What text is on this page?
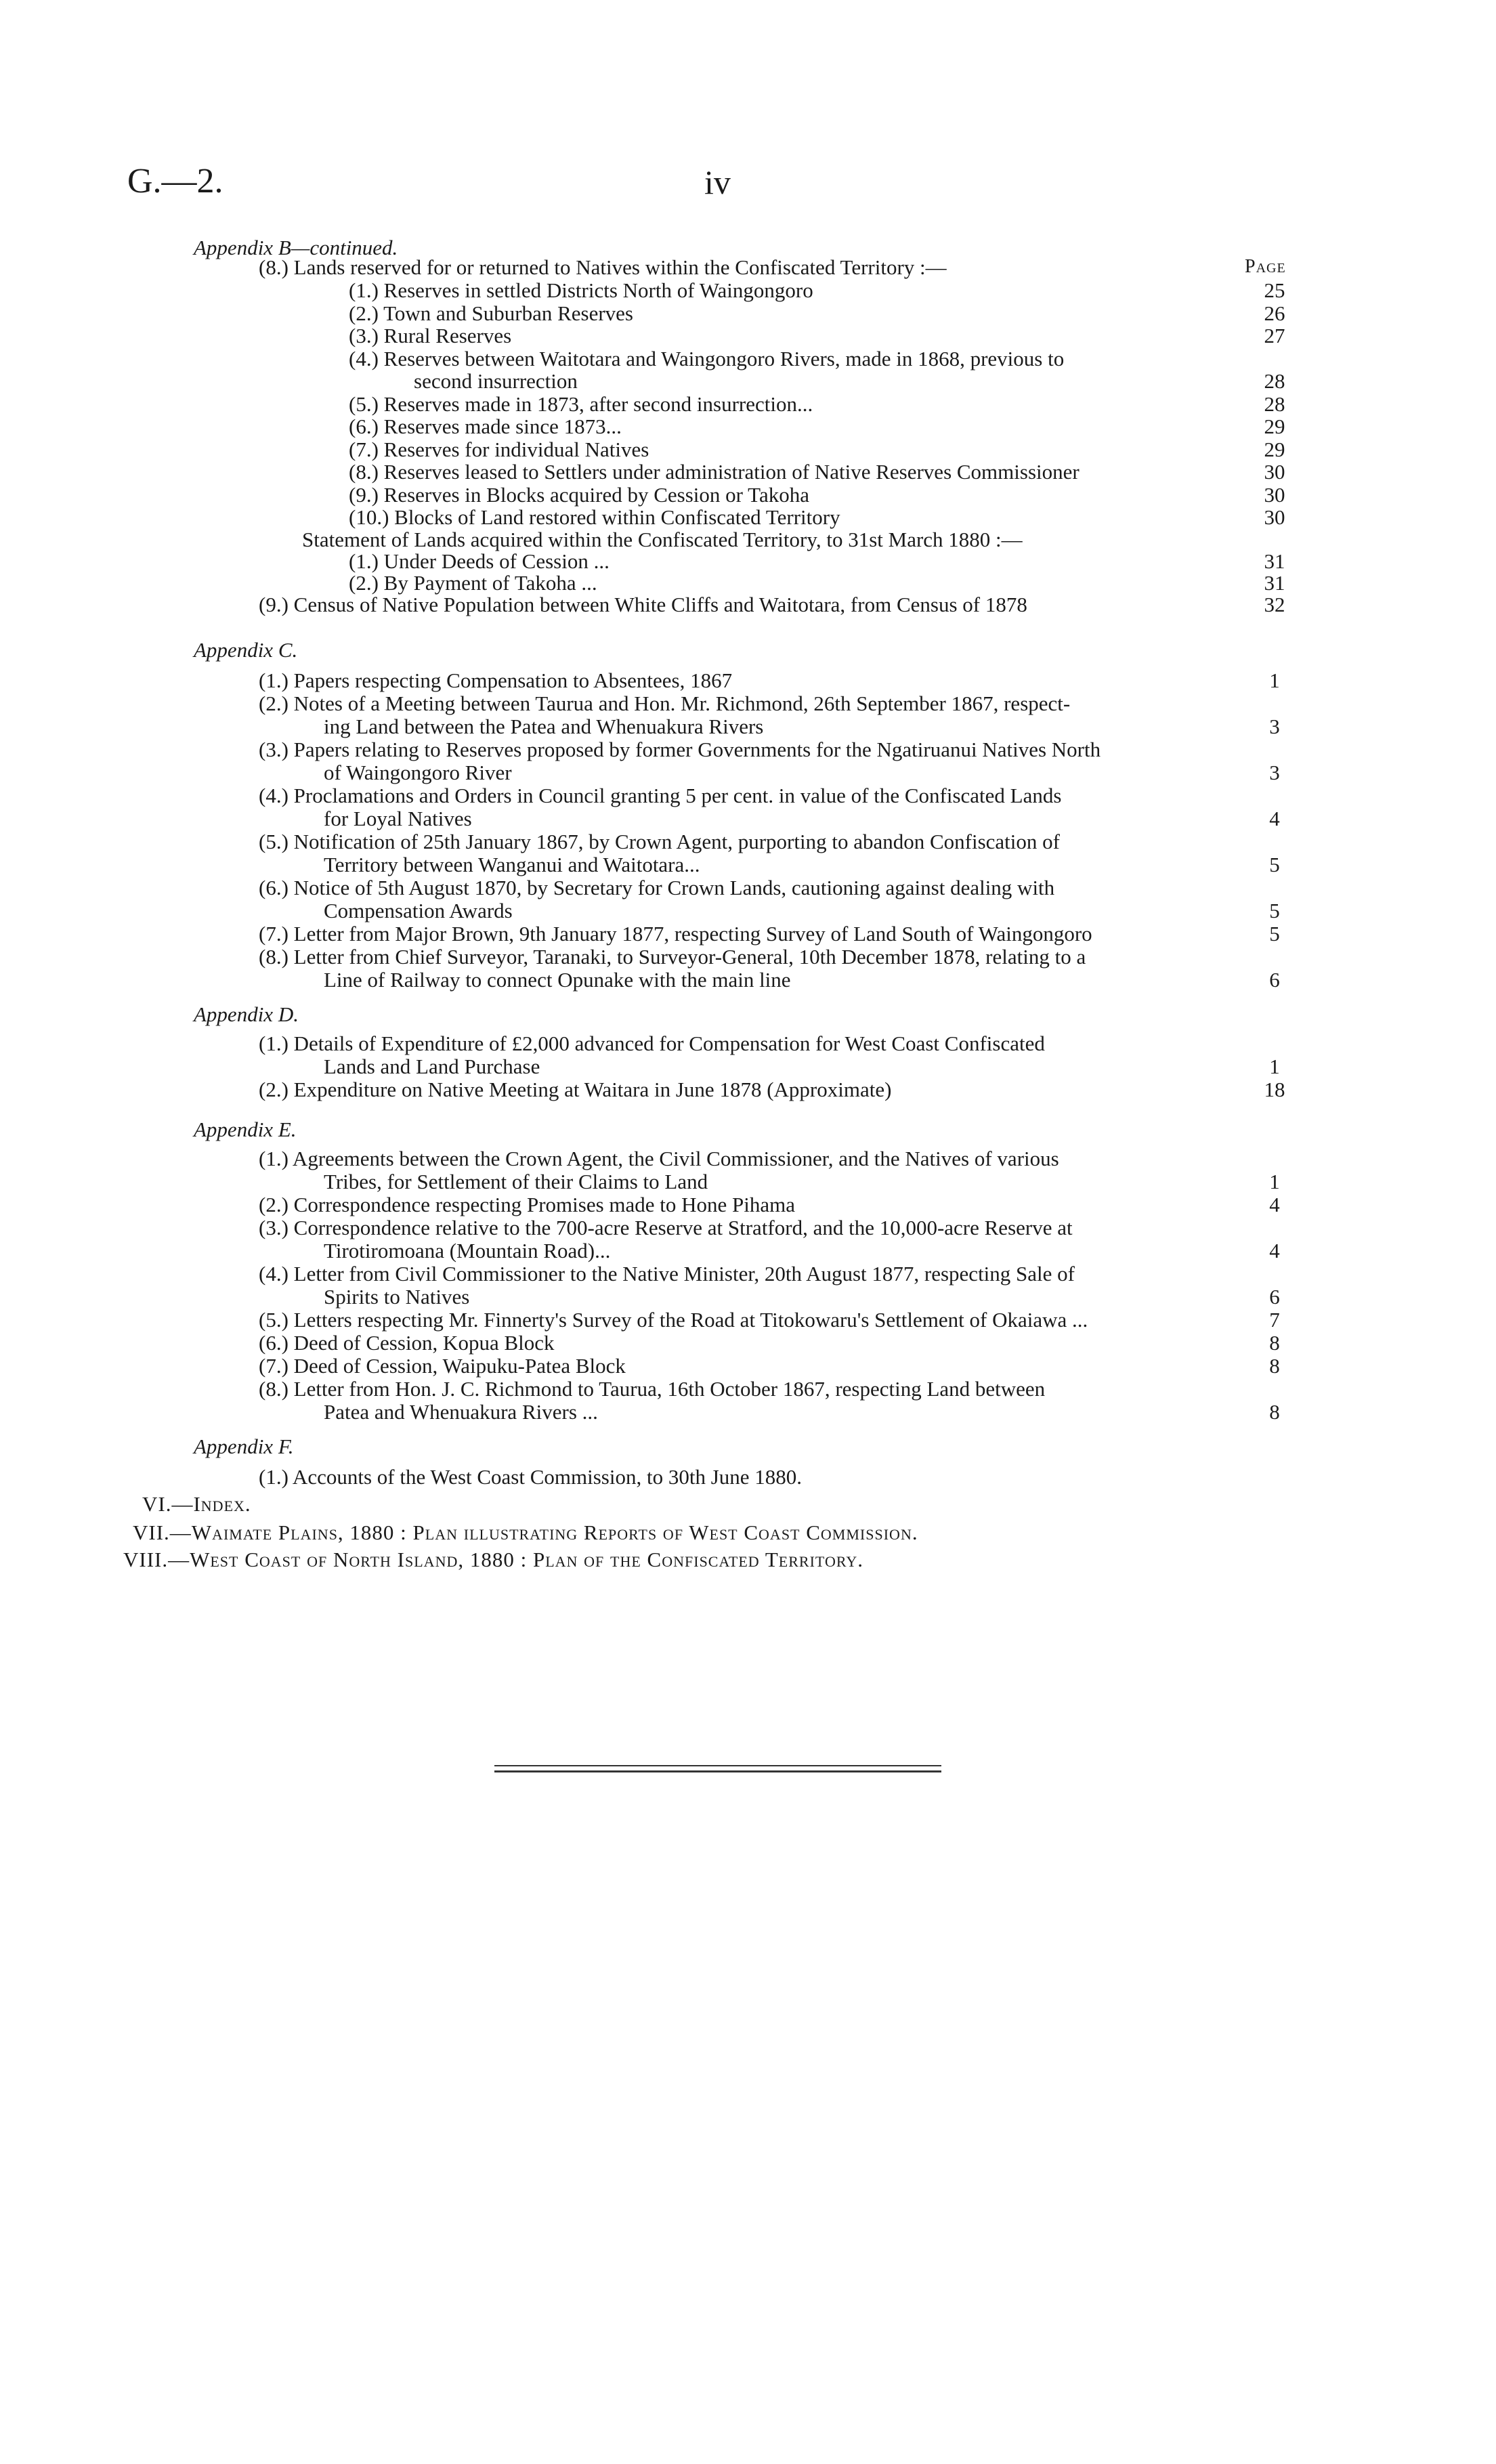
G.—2.	iv
Appendix B—continued.
Page
(8.) Lands reserved for or returned to Natives within the Confiscated Territory :—
(1.) Reserves in settled Districts North of Waingongoro	25
(2.) Town and Suburban Reserves	26
(3.) Rural Reserves	27
(4.) Reserves between Waitotara and Waingongoro Rivers, made in 1868, previous to
second insurrection	28
(5.) Reserves made in 1873, after second insurrection...	28
(6.) Reserves made since 1873...	29
(7.) Reserves for individual Natives	29
(8.) Reserves leased to Settlers under administration of Native Reserves Commissioner	30
(9.) Reserves in Blocks acquired by Cession or Takoha	30
(10.) Blocks of Land restored within Confiscated Territory	30
Statement of Lands acquired within the Confiscated Territory, to 31st March 1880 :—
(1.) Under Deeds of Cession ...	31
(2.) By Payment of Takoha ...	31
(9.) Census of Native Population between White Cliffs and Waitotara, from Census of 1878	32
Appendix C.
(1.) Papers respecting Compensation to Absentees, 1867	1
(2.) Notes of a Meeting between Taurua and Hon. Mr. Richmond, 26th September 1867, respect-
ing Land between the Patea and Whenuakura Rivers	3
(3.) Papers relating to Reserves proposed by former Governments for the Ngatiruanui Natives North
of Waingongoro River	3
(4.) Proclamations and Orders in Council granting 5 per cent. in value of the Confiscated Lands
for Loyal Natives	4
(5.) Notification of 25th January 1867, by Crown Agent, purporting to abandon Confiscation of
Territory between Wanganui and Waitotara...	5
(6.) Notice of 5th August 1870, by Secretary for Crown Lands, cautioning against dealing with
Compensation Awards	5
(7.) Letter from Major Brown, 9th January 1877, respecting Survey of Land South of Waingongoro	5
(8.) Letter from Chief Surveyor, Taranaki, to Surveyor-General, 10th December 1878, relating to a
Line of Railway to connect Opunake with the main line	6
Appendix D.
(1.) Details of Expenditure of £2,000 advanced for Compensation for West Coast Confiscated
Lands and Land Purchase	1
(2.) Expenditure on Native Meeting at Waitara in June 1878 (Approximate)	18
Appendix E.
(1.) Agreements between the Crown Agent, the Civil Commissioner, and the Natives of various
Tribes, for Settlement of their Claims to Land	1
(2.) Correspondence respecting Promises made to Hone Pihama	4
(3.) Correspondence relative to the 700-acre Reserve at Stratford, and the 10,000-acre Reserve at
Tirotiromoana (Mountain Road)...	4
(4.) Letter from Civil Commissioner to the Native Minister, 20th August 1877, respecting Sale of
Spirits to Natives	6
(5.) Letters respecting Mr. Finnerty's Survey of the Road at Titokowaru's Settlement of Okaiawa ...	7
(6.) Deed of Cession, Kopua Block	8
(7.) Deed of Cession, Waipuku-Patea Block	8
(8.) Letter from Hon. J. C. Richmond to Taurua, 16th October 1867, respecting Land between
Patea and Whenuakura Rivers ...	8
Appendix F.
(1.) Accounts of the West Coast Commission, to 30th June 1880.
VI.—Index.
VII.—Waimate Plains, 1880 : Plan illustrating Reports of West Coast Commission.
VIII.—West Coast of North Island, 1880 : Plan of the Confiscated Territory.
